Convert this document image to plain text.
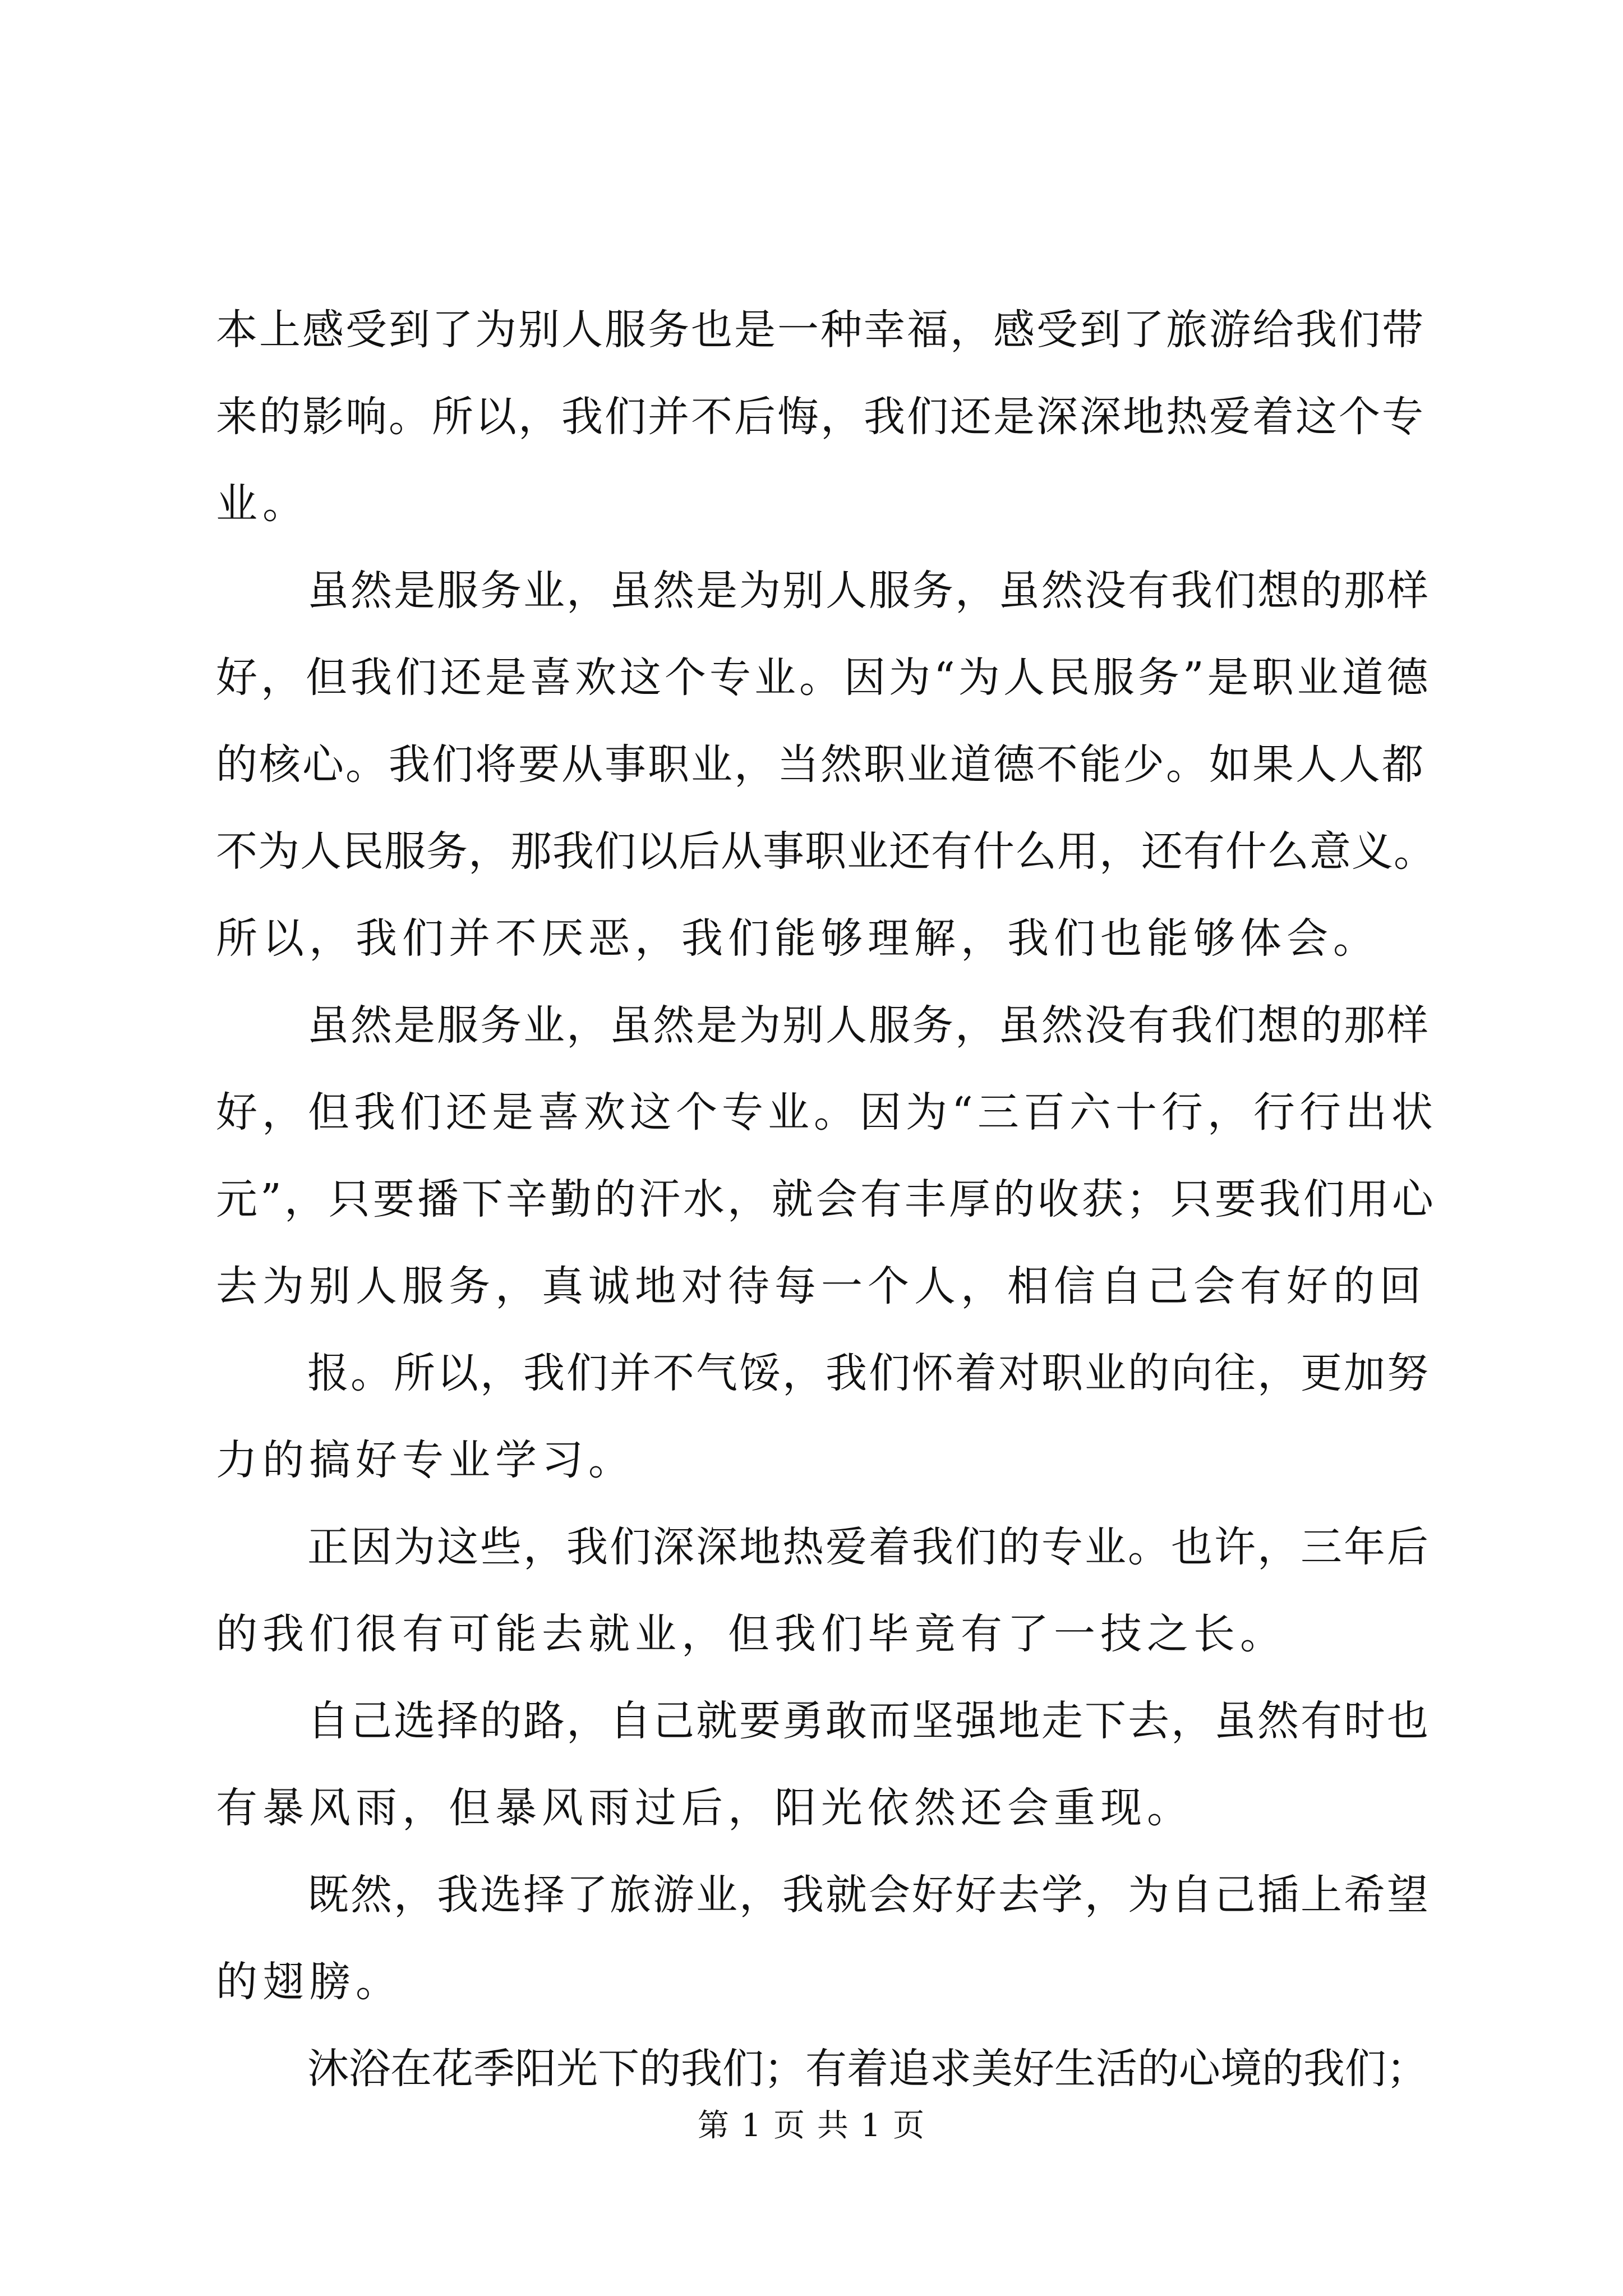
本上感受到了为别人服务也是一种幸福，感受到了旅游给我们带

来的影响。所以，我们并不后悔，我们还是深深地热爱着这个专

业。

虽然是服务业，虽然是为别人服务，虽然没有我们想的那样

好，但我们还是喜欢这个专业。因为“为人民服务”是职业道德

的核心。我们将要从事职业，当然职业道德不能少。如果人人都

不为人民服务，那我们以后从事职业还有什么用，还有什么意义。

所以，我们并不厌恶，我们能够理解，我们也能够体会。

虽然是服务业，虽然是为别人服务，虽然没有我们想的那样

好，但我们还是喜欢这个专业。因为“三百六十行，行行出状

元”，只要播下辛勤的汗水，就会有丰厚的收获；只要我们用心

去为别人服务，真诚地对待每一个人，相信自己会有好的回

报。所以，我们并不气馁，我们怀着对职业的向往，更加努

力的搞好专业学习。

正因为这些，我们深深地热爱着我们的专业。也许，三年后

的我们很有可能去就业，但我们毕竟有了一技之长。

自己选择的路，自己就要勇敢而坚强地走下去，虽然有时也

有暴风雨，但暴风雨过后，阳光依然还会重现。

既然，我选择了旅游业，我就会好好去学，为自己插上希望

的翅膀。

沐浴在花季阳光下的我们；有着追求美好生活的心境的我们；

第 1 页 共 1 页
